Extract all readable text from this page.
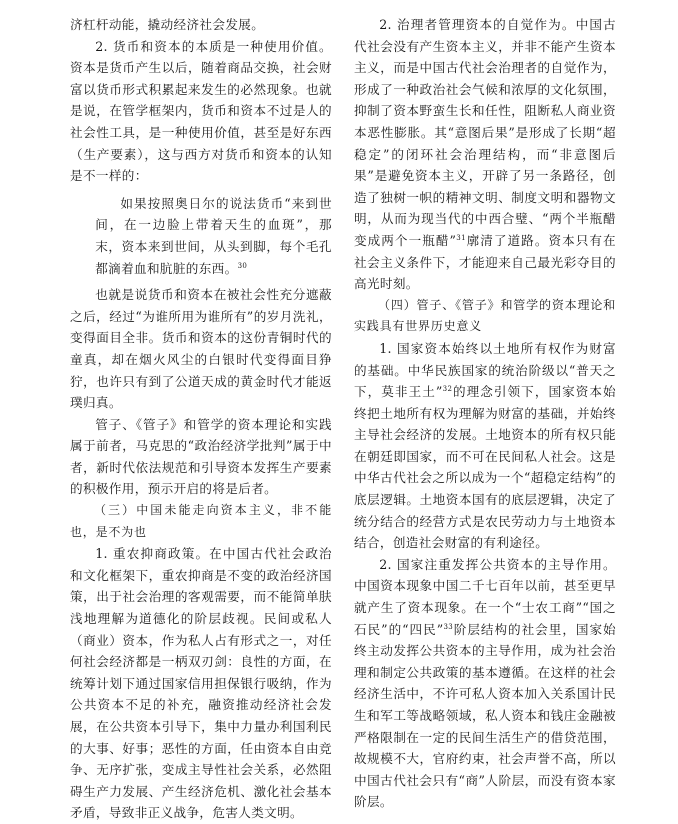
济杠杆动能，撬动经济社会发展。

2. 货币和资本的本质是一种使用价值。资本是货币产生以后，随着商品交换，社会财富以货币形式积累起来发生的必然现象。也就是说，在管学框架内，货币和资本不过是人的社会性工具，是一种使用价值，甚至是好东西（生产要素），这与西方对货币和资本的认知是不一样的：

如果按照奥日尔的说法货币“来到世间，在一边脸上带着天生的血斑”，那末，资本来到世间，从头到脚，每个毛孔都滴着血和肮脏的东西。$^{30}$

也就是说货币和资本在被社会性充分遮蔽之后，经过“为谁所用为谁所有”的岁月洗礼，变得面目全非。货币和资本的这份青铜时代的童真，却在烟火风尘的白银时代变得面目狰狞，也许只有到了公道天成的黄金时代才能返璞归真。

管子、《管子》和管学的资本理论和实践属于前者，马克思的“政治经济学批判”属于中者，新时代依法规范和引导资本发挥生产要素的积极作用，预示开启的将是后者。

（三）中国未能走向资本主义，非不能也，是不为也

1. 重农抑商政策。在中国古代社会政治和文化框架下，重农抑商是不变的政治经济国策，出于社会治理的客观需要，而不能简单肤浅地理解为道德化的阶层歧视。民间或私人（商业）资本，作为私人占有形式之一，对任何社会经济都是一柄双刃剑：良性的方面，在统筹计划下通过国家信用担保银行吸纳，作为公共资本不足的补充，融资推动经济社会发展，在公共资本引导下，集中力量办利国利民的大事、好事；恶性的方面，任由资本自由竞争、无序扩张，变成主导性社会关系，必然阻碍生产力发展、产生经济危机、激化社会基本矛盾，导致非正义战争，危害人类文明。

2. 治理者管理资本的自觉作为。中国古代社会没有产生资本主义，并非不能产生资本主义，而是中国古代社会治理者的自觉作为，形成了一种政治社会气候和浓厚的文化氛围，抑制了资本野蛮生长和任性，阻断私人商业资本恶性膨胀。其“意图后果”是形成了长期“超稳定”的闭环社会治理结构，而“非意图后果”是避免资本主义，开辟了另一条路径，创造了独树一帜的精神文明、制度文明和器物文明，从而为现当代的中西合璧、“两个半瓶醋变成两个一瓶醋”$^{31}$廓清了道路。资本只有在社会主义条件下，才能迎来自己最光彩夺目的高光时刻。

（四）管子、《管子》和管学的资本理论和实践具有世界历史意义

1. 国家资本始终以土地所有权作为财富的基础。中华民族国家的统治阶级以“普天之下，莫非王土”$^{32}$的理念引领下，国家资本始终把土地所有权为理解为财富的基础，并始终主导社会经济的发展。土地资本的所有权只能在朝廷即国家，而不可在民间私人社会。这是中华古代社会之所以成为一个“超稳定结构”的底层逻辑。土地资本国有的底层逻辑，决定了统分结合的经营方式是农民劳动力与土地资本结合，创造社会财富的有利途径。

2. 国家注重发挥公共资本的主导作用。中国资本现象中国二千七百年以前，甚至更早就产生了资本现象。在一个“士农工商”“国之石民”的“四民”$^{33}$阶层结构的社会里，国家始终主动发挥公共资本的主导作用，成为社会治理和制定公共政策的基本遵循。在这样的社会经济生活中，不许可私人资本加入关系国计民生和军工等战略领域，私人资本和钱庄金融被严格限制在一定的民间生活生产的借贷范围，故规模不大，官府约束，社会声誉不高，所以中国古代社会只有“商”人阶层，而没有资本家阶层。
